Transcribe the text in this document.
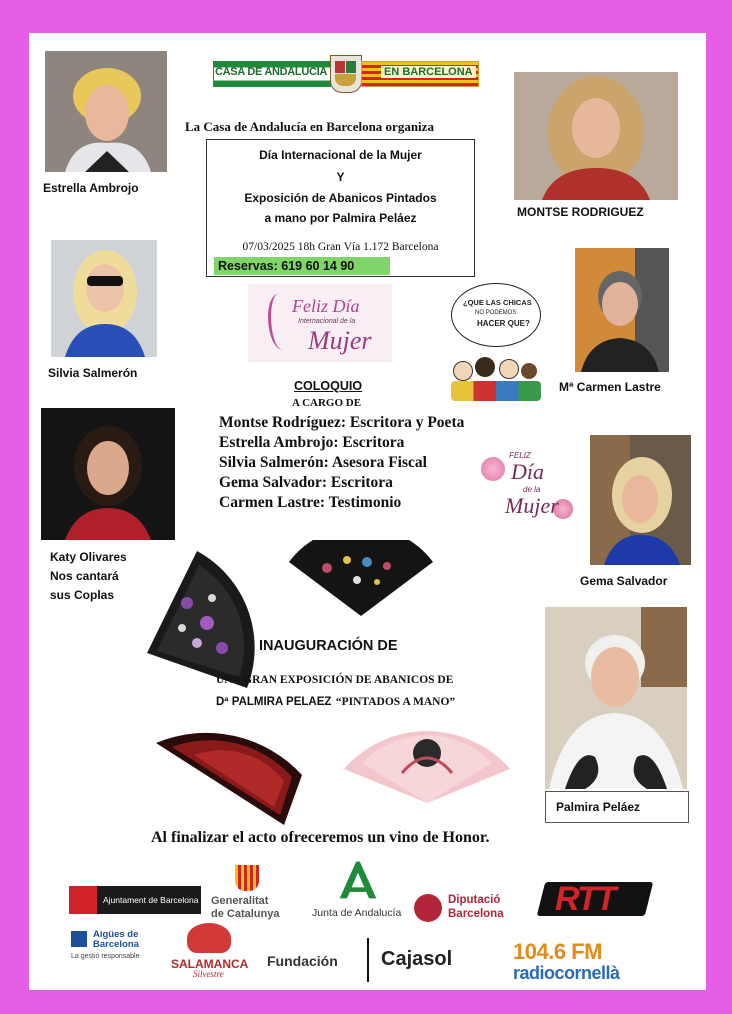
CASA DE ANDALUCIA	EN BARCELONA
La Casa de Andalucía en Barcelona organiza
Día Internacional de la Mujer
Y
Exposición de Abanicos Pintados
a mano por Palmira Peláez
07/03/2025 18h Gran Vía 1.172 Barcelona
Reservas: 619 60 14 90
Estrella Ambrojo
MONTSE RODRIGUEZ
Silvia Salmerón
Mª Carmen Lastre
Feliz Día
Internacional de la
Mujer
¿QUE LAS CHICAS
NO PODEMOS
HACER QUE?
COLOQUIO
A CARGO DE
Montse Rodríguez: Escritora y Poeta
Estrella Ambrojo: Escritora
Silvia Salmerón: Asesora Fiscal
Gema Salvador: Escritora
Carmen Lastre: Testimonio
Katy Olivares
Nos cantará
sus Coplas
FELIZ
Día
de la
Mujer
Gema Salvador
INAUGURACIÓN DE
UNA GRAN EXPOSICIÓN DE ABANICOS DE
Dª PALMIRA PELAEZ “PINTADOS A MANO”
Palmira Peláez
Al finalizar el acto ofreceremos un vino de Honor.
Ajuntament de Barcelona Generalitat
de Catalunya	Junta de Andalucía
Diputació
Barcelona RTT
Aigües de
Barcelona
La gestió responsable
SALAMANCA
Silvestre
Fundación Cajasol	104.6 FM
radiocornellà
